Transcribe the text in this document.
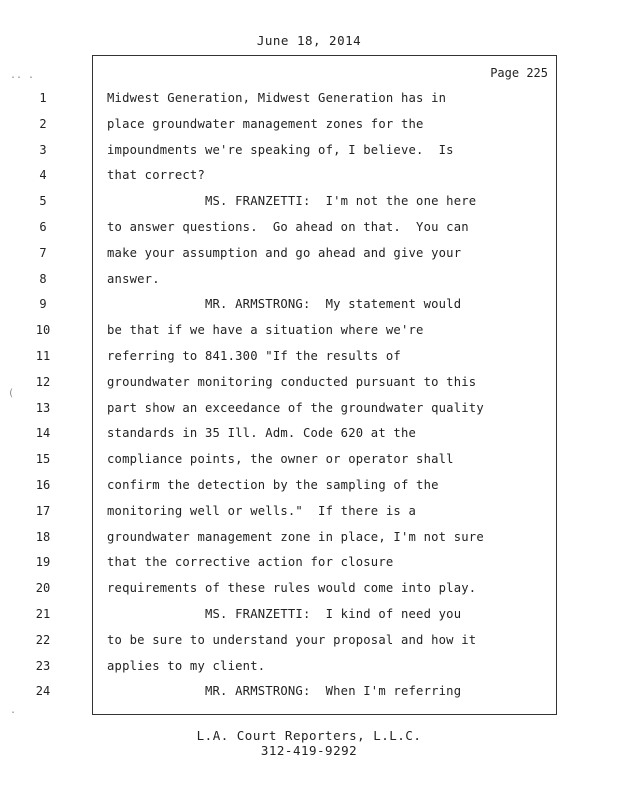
June 18, 2014
Page 225
1	Midwest Generation, Midwest Generation has in
2	place groundwater management zones for the
3	impoundments we're speaking of, I believe.  Is
4	that correct?
5	MS. FRANZETTI:  I'm not the one here
6	to answer questions.  Go ahead on that.  You can
7	make your assumption and go ahead and give your
8	answer.
9	MR. ARMSTRONG:  My statement would
10	be that if we have a situation where we're
11	referring to 841.300 "If the results of
12	groundwater monitoring conducted pursuant to this
13	part show an exceedance of the groundwater quality
14	standards in 35 Ill. Adm. Code 620 at the
15	compliance points, the owner or operator shall
16	confirm the detection by the sampling of the
17	monitoring well or wells."  If there is a
18	groundwater management zone in place, I'm not sure
19	that the corrective action for closure
20	requirements of these rules would come into play.
21	MS. FRANZETTI:  I kind of need you
22	to be sure to understand your proposal and how it
23	applies to my client.
24	MR. ARMSTRONG:  When I'm referring
L.A. Court Reporters, L.L.C.
312-419-9292
.. .
(
.
